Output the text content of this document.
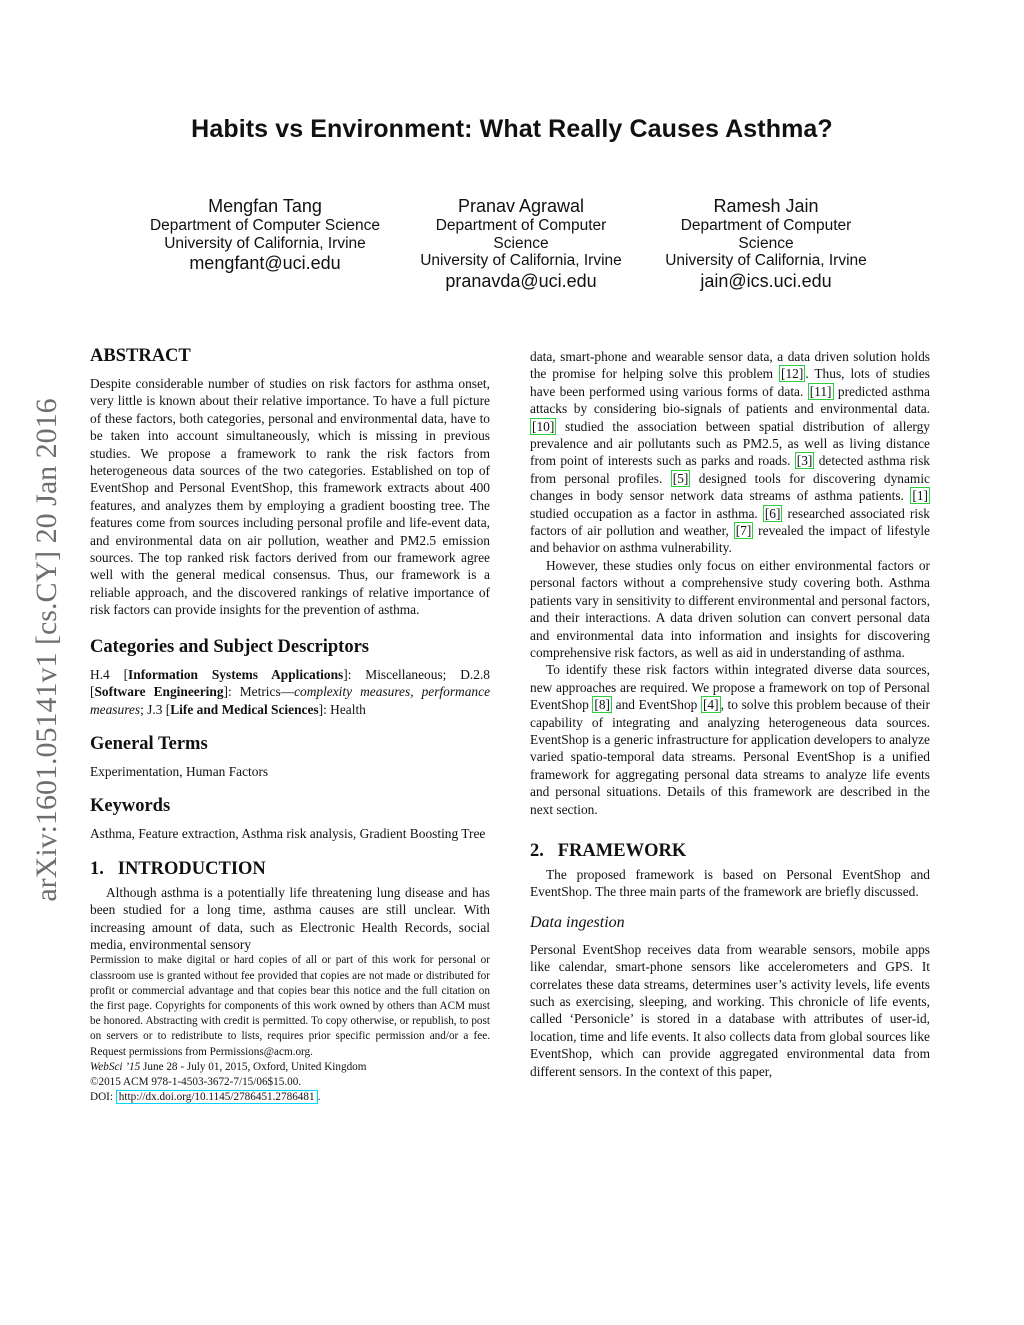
Habits vs Environment: What Really Causes Asthma?
Mengfan Tang
Department of Computer Science
University of California, Irvine
mengfant@uci.edu
Pranav Agrawal
Department of Computer
Science
University of California, Irvine
pranavda@uci.edu
Ramesh Jain
Department of Computer
Science
University of California, Irvine
jain@ics.uci.edu
arXiv:1601.05141v1 [cs.CY] 20 Jan 2016
ABSTRACT

Despite considerable number of studies on risk factors for asthma onset, very little is known about their relative importance. To have a full picture of these factors, both categories, personal and environmental data, have to be taken into account simultaneously, which is missing in previous studies. We propose a framework to rank the risk factors from heterogeneous data sources of the two categories. Established on top of EventShop and Personal EventShop, this framework extracts about 400 features, and analyzes them by employing a gradient boosting tree. The features come from sources including personal profile and life-event data, and environmental data on air pollution, weather and PM2.5 emission sources. The top ranked risk factors derived from our framework agree well with the general medical consensus. Thus, our framework is a reliable approach, and the discovered rankings of relative importance of risk factors can provide insights for the prevention of asthma.

Categories and Subject Descriptors

H.4 [Information Systems Applications]: Miscellaneous; D.2.8 [Software Engineering]: Metrics—complexity measures, performance measures; J.3 [Life and Medical Sciences]: Health

General Terms

Experimentation, Human Factors

Keywords

Asthma, Feature extraction, Asthma risk analysis, Gradient Boosting Tree

1.   INTRODUCTION

Although asthma is a potentially life threatening lung disease and has been studied for a long time, asthma causes are still unclear. With increasing amount of data, such as Electronic Health Records, social media, environmental sensory

Permission to make digital or hard copies of all or part of this work for personal or classroom use is granted without fee provided that copies are not made or distributed for profit or commercial advantage and that copies bear this notice and the full citation on the first page. Copyrights for components of this work owned by others than ACM must be honored. Abstracting with credit is permitted. To copy otherwise, or republish, to post on servers or to redistribute to lists, requires prior specific permission and/or a fee. Request permissions from Permissions@acm.org.

WebSci ’15 June 28 - July 01, 2015, Oxford, United Kingdom
©2015 ACM 978-1-4503-3672-7/15/06$15.00.
DOI: http://dx.doi.org/10.1145/2786451.2786481 .

data, smart-phone and wearable sensor data, a data driven solution holds the promise for helping solve this problem [12] . Thus, lots of studies have been performed using various forms of data. [11] predicted asthma attacks by considering bio-signals of patients and environmental data. [10] studied the association between spatial distribution of allergy prevalence and air pollutants such as PM2.5, as well as living distance from point of interests such as parks and roads. [3] detected asthma risk from personal profiles. [5] designed tools for discovering dynamic changes in body sensor network data streams of asthma patients. [1] studied occupation as a factor in asthma. [6] researched associated risk factors of air pollution and weather, [7] revealed the impact of lifestyle and behavior on asthma vulnerability.

However, these studies only focus on either environmental factors or personal factors without a comprehensive study covering both. Asthma patients vary in sensitivity to different environmental and personal factors, and their interactions. A data driven solution can convert personal data and environmental data into information and insights for discovering comprehensive risk factors, as well as aid in understanding of asthma.

To identify these risk factors within integrated diverse data sources, new approaches are required. We propose a framework on top of Personal EventShop [8] and EventShop [4] , to solve this problem because of their capability of integrating and analyzing heterogeneous data sources. EventShop is a generic infrastructure for application developers to analyze varied spatio-temporal data streams. Personal EventShop is a unified framework for aggregating personal data streams to analyze life events and personal situations. Details of this framework are described in the next section.

2.   FRAMEWORK

The proposed framework is based on Personal EventShop and EventShop. The three main parts of the framework are briefly discussed.

Data ingestion

Personal EventShop receives data from wearable sensors, mobile apps like calendar, smart-phone sensors like accelerometers and GPS. It correlates these data streams, determines user’s activity levels, life events such as exercising, sleeping, and working. This chronicle of life events, called ‘Personicle’ is stored in a database with attributes of user-id, location, time and life events. It also collects data from global sources like EventShop, which can provide aggregated environmental data from different sensors. In the context of this paper,
